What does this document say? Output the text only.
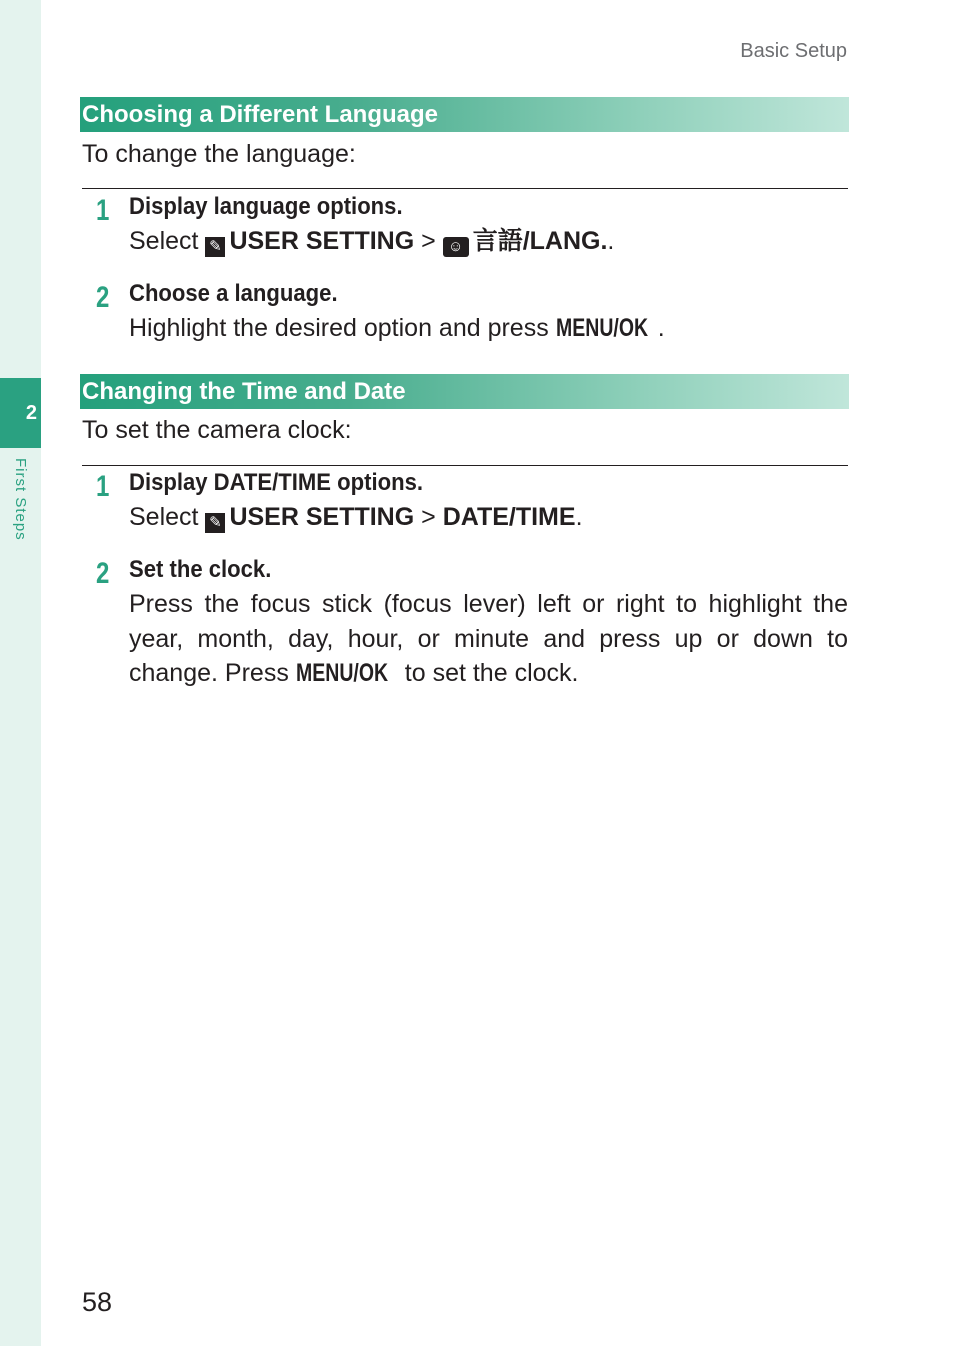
2
First Steps
Basic Setup
Choosing a Different Language
To change the language:
1 Display language options.
Select ✎ USER SETTING > ☺ 言語/LANG..
2 Choose a language.
Highlight the desired option and press MENU/OK .
Changing the Time and Date
To set the camera clock:
1 Display DATE/TIME options.
Select ✎ USER SETTING > DATE/TIME.
2 Set the clock.
Press the focus stick (focus lever) left or right to highlight the year, month, day, hour, or minute and press up or down to change. Press MENU/OK to set the clock.
58
